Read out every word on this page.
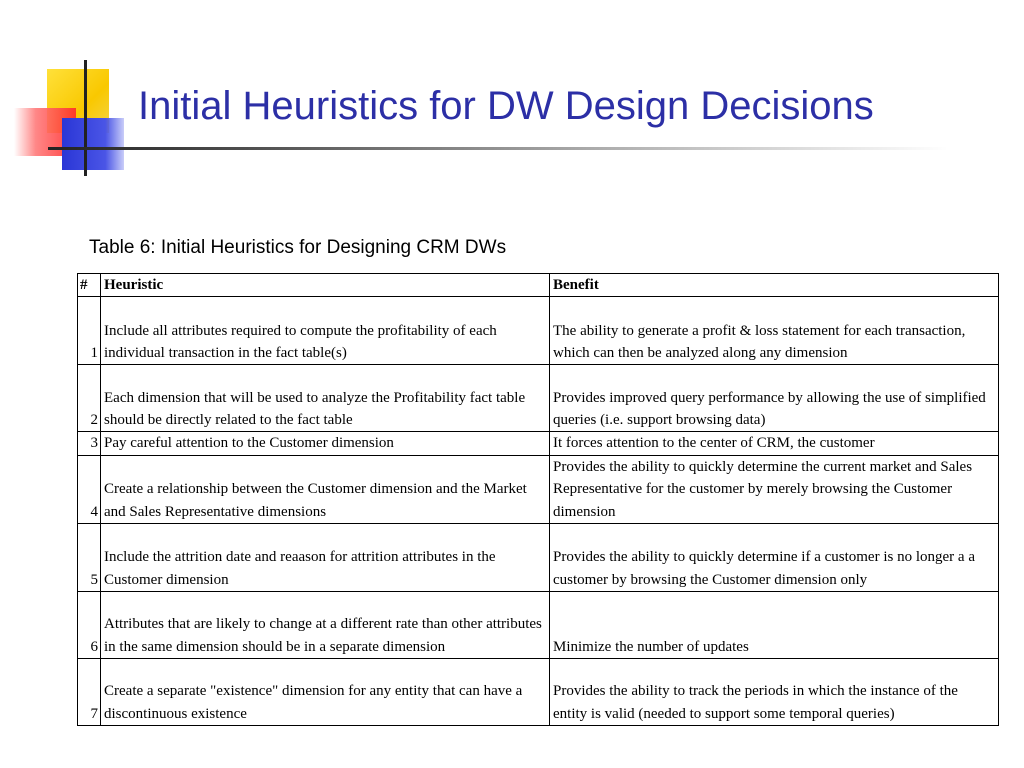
Initial Heuristics for DW Design Decisions
Table 6: Initial Heuristics for Designing CRM DWs
#	Heuristic	Benefit
1	Include all attributes required to compute the profitability of each individual transaction in the fact table(s)	The ability to generate a profit & loss statement for each transaction, which can then be analyzed along any dimension
2	Each dimension that will be used to analyze the Profitability fact table should be directly related to the fact table	Provides improved query performance by allowing the use of simplified queries (i.e. support browsing data)
3	Pay careful attention to the Customer dimension	It forces attention to the center of CRM, the customer
4	Create a relationship between the Customer dimension and the Market and Sales Representative dimensions	Provides the ability to quickly determine the current market and Sales Representative for the customer by merely browsing the Customer dimension
5	Include the attrition date and reaason for attrition attributes in the Customer dimension	Provides the ability to quickly determine if a customer is no longer a a customer by browsing the Customer dimension only
6	Attributes that are likely to change at a different rate than other attributes in the same dimension should be in a separate dimension	Minimize the number of updates
7	Create a separate "existence" dimension for any entity that can have a discontinuous existence	Provides the ability to track the periods in which the instance of the entity is valid (needed to support some temporal queries)
